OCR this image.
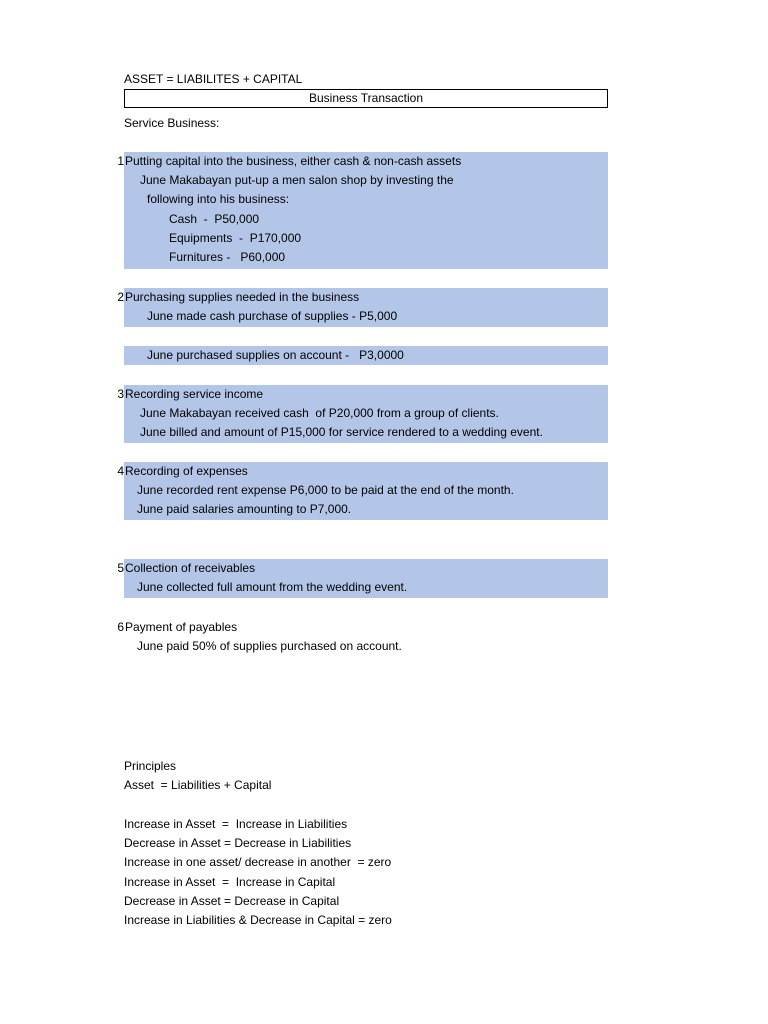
ASSET = LIABILITES + CAPITAL
Business Transaction
Service Business:
1 Putting capital into the business, either cash & non-cash assets
June Makabayan put-up a men salon shop by investing the
following into his business:
Cash  -  P50,000
Equipments  -  P170,000
Furnitures -   P60,000
2 Purchasing supplies needed in the business
June made cash purchase of supplies - P5,000
June purchased supplies on account -   P3,0000
3 Recording service income
June Makabayan received cash  of P20,000 from a group of clients.
June billed and amount of P15,000 for service rendered to a wedding event.
4 Recording of expenses
June recorded rent expense P6,000 to be paid at the end of the month.
June paid salaries amounting to P7,000.
5 Collection of receivables
June collected full amount from the wedding event.
6 Payment of payables
June paid 50% of supplies purchased on account.
Principles
Asset  = Liabilities + Capital
Increase in Asset  =  Increase in Liabilities
Decrease in Asset = Decrease in Liabilities
Increase in one asset/ decrease in another  = zero
Increase in Asset  =  Increase in Capital
Decrease in Asset = Decrease in Capital
Increase in Liabilities & Decrease in Capital = zero
